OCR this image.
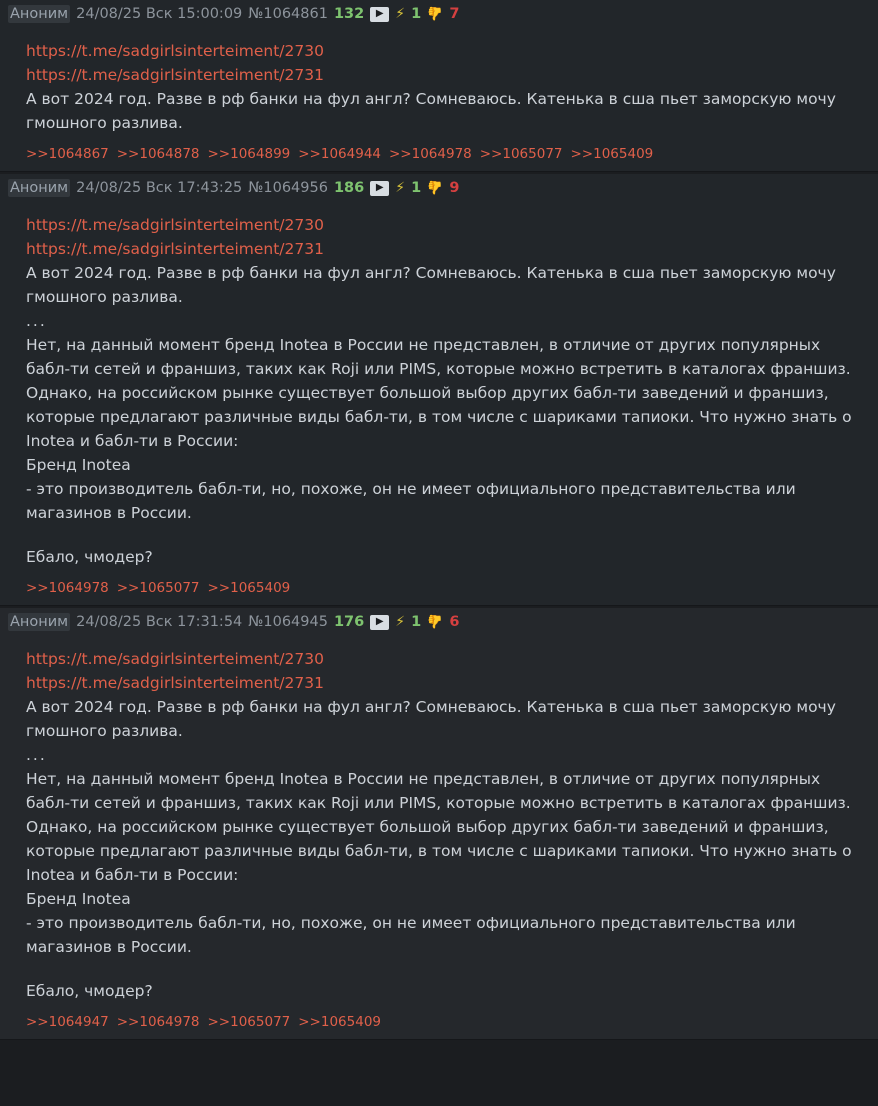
Аноним 24/08/25 Вск 15:00:09 №1064861 132	▶ ⚡ 1 👎 7
https://t.me/sadgirlsinterteiment/2730
https://t.me/sadgirlsinterteiment/2731
А вот 2024 год. Разве в рф банки на фул англ? Сомневаюсь. Катенька в сша пьет заморскую мочу гмошного разлива.
>>1064867 >>1064878 >>1064899 >>1064944 >>1064978 >>1065077 >>1065409
Аноним 24/08/25 Вск 17:43:25 №1064956 186	▶ ⚡ 1 👎 9
https://t.me/sadgirlsinterteiment/2730
https://t.me/sadgirlsinterteiment/2731
А вот 2024 год. Разве в рф банки на фул англ? Сомневаюсь. Катенька в сша пьет заморскую мочу гмошного разлива.
...
Нет, на данный момент бренд Inotea в России не представлен, в отличие от других популярных бабл-ти сетей и франшиз, таких как Roji или PIMS, которые можно встретить в каталогах франшиз. Однако, на российском рынке существует большой выбор других бабл-ти заведений и франшиз, которые предлагают различные виды бабл-ти, в том числе с шариками тапиоки. Что нужно знать о Inotea и бабл-ти в России:
Бренд Inotea
- это производитель бабл-ти, но, похоже, он не имеет официального представительства или магазинов в России.
Ебало, чмодер?
>>1064978 >>1065077 >>1065409
Аноним 24/08/25 Вск 17:31:54 №1064945 176	▶ ⚡ 1 👎 6
https://t.me/sadgirlsinterteiment/2730
https://t.me/sadgirlsinterteiment/2731
А вот 2024 год. Разве в рф банки на фул англ? Сомневаюсь. Катенька в сша пьет заморскую мочу гмошного разлива.
...
Нет, на данный момент бренд Inotea в России не представлен, в отличие от других популярных бабл-ти сетей и франшиз, таких как Roji или PIMS, которые можно встретить в каталогах франшиз. Однако, на российском рынке существует большой выбор других бабл-ти заведений и франшиз, которые предлагают различные виды бабл-ти, в том числе с шариками тапиоки. Что нужно знать о Inotea и бабл-ти в России:
Бренд Inotea
- это производитель бабл-ти, но, похоже, он не имеет официального представительства или магазинов в России.
Ебало, чмодер?
>>1064947 >>1064978 >>1065077 >>1065409
